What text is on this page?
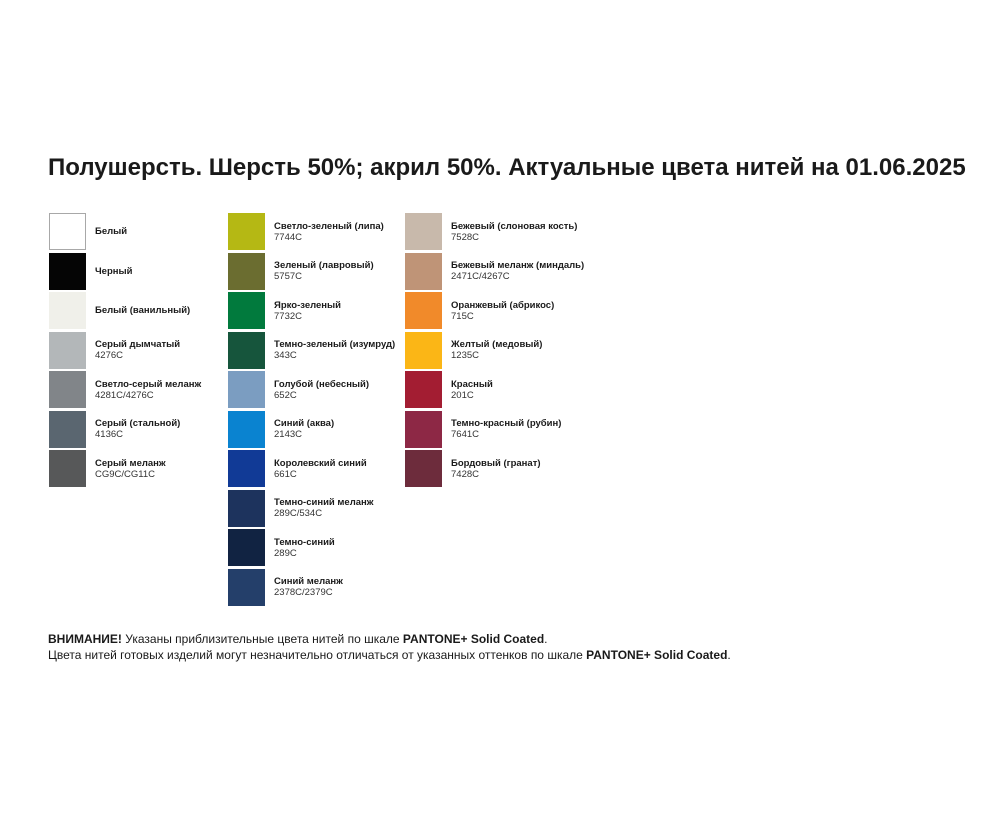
Полушерсть. Шерсть 50%; акрил 50%. Актуальные цвета нитей на 01.06.2025
Белый
Черный
Белый (ванильный)
Серый дымчатый
4276C
Светло-серый меланж
4281C/4276C
Серый (стальной)
4136C
Серый меланж
CG9C/CG11C
Светло-зеленый (липа)
7744C
Зеленый (лавровый)
5757C
Ярко-зеленый
7732C
Темно-зеленый (изумруд)
343C
Голубой (небесный)
652C
Синий (аква)
2143C
Королевский синий
661C
Темно-синий меланж
289C/534C
Темно-синий
289C
Синий меланж
2378C/2379C
Бежевый (слоновая кость)
7528C
Бежевый меланж (миндаль)
2471C/4267C
Оранжевый (абрикос)
715C
Желтый (медовый)
1235C
Красный
201C
Темно-красный (рубин)
7641C
Бордовый (гранат)
7428C
ВНИМАНИЕ! Указаны приблизительные цвета нитей по шкале PANTONE+ Solid Coated.
Цвета нитей готовых изделий могут незначительно отличаться от указанных оттенков по шкале PANTONE+ Solid Coated.
